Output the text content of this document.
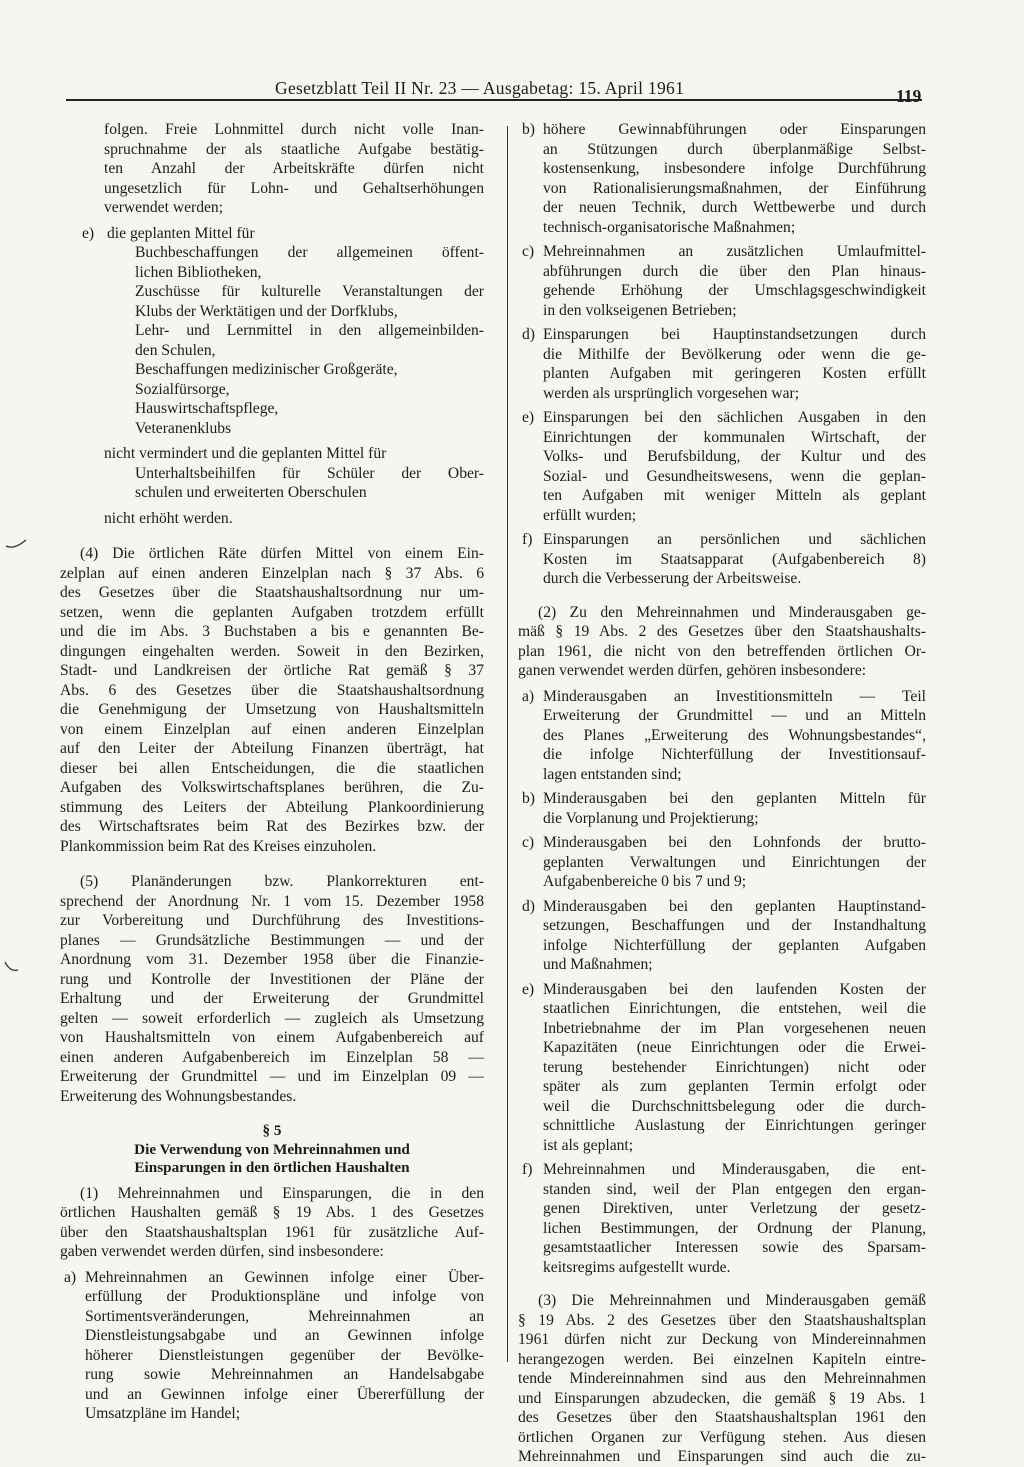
Gesetzblatt Teil II Nr. 23 — Ausgabetag: 15. April 1961	119
folgen. Freie Lohnmittel durch nicht volle Inan-
spruchnahme der als staatliche Aufgabe bestätig-
ten Anzahl der Arbeitskräfte dürfen nicht
ungesetzlich für Lohn- und Gehaltserhöhungen
verwendet werden;
e) die geplanten Mittel für
Buchbeschaffungen der allgemeinen öffent-
lichen Bibliotheken,
Zuschüsse für kulturelle Veranstaltungen der
Klubs der Werktätigen und der Dorfklubs,
Lehr- und Lernmittel in den allgemeinbilden-
den Schulen,
Beschaffungen medizinischer Großgeräte,
Sozialfürsorge,
Hauswirtschaftspflege,
Veteranenklubs
nicht vermindert und die geplanten Mittel für
Unterhaltsbeihilfen für Schüler der Ober-
schulen und erweiterten Oberschulen
nicht erhöht werden.
(4) Die örtlichen Räte dürfen Mittel von einem Ein-
zelplan auf einen anderen Einzelplan nach § 37 Abs. 6
des Gesetzes über die Staatshaushaltsordnung nur um-
setzen, wenn die geplanten Aufgaben trotzdem erfüllt
und die im Abs. 3 Buchstaben a bis e genannten Be-
dingungen eingehalten werden. Soweit in den Bezirken,
Stadt- und Landkreisen der örtliche Rat gemäß § 37
Abs. 6 des Gesetzes über die Staatshaushaltsordnung
die Genehmigung der Umsetzung von Haushaltsmitteln
von einem Einzelplan auf einen anderen Einzelplan
auf den Leiter der Abteilung Finanzen überträgt, hat
dieser bei allen Entscheidungen, die die staatlichen
Aufgaben des Volkswirtschaftsplanes berühren, die Zu-
stimmung des Leiters der Abteilung Plankoordinierung
des Wirtschaftsrates beim Rat des Bezirkes bzw. der
Plankommission beim Rat des Kreises einzuholen.
(5) Planänderungen bzw. Plankorrekturen ent-
sprechend der Anordnung Nr. 1 vom 15. Dezember 1958
zur Vorbereitung und Durchführung des Investitions-
planes — Grundsätzliche Bestimmungen — und der
Anordnung vom 31. Dezember 1958 über die Finanzie-
rung und Kontrolle der Investitionen der Pläne der
Erhaltung und der Erweiterung der Grundmittel
gelten — soweit erforderlich — zugleich als Umsetzung
von Haushaltsmitteln von einem Aufgabenbereich auf
einen anderen Aufgabenbereich im Einzelplan 58 —
Erweiterung der Grundmittel — und im Einzelplan 09 —
Erweiterung des Wohnungsbestandes.
§ 5
Die Verwendung von Mehreinnahmen und
Einsparungen in den örtlichen Haushalten
(1) Mehreinnahmen und Einsparungen, die in den
örtlichen Haushalten gemäß § 19 Abs. 1 des Gesetzes
über den Staatshaushaltsplan 1961 für zusätzliche Auf-
gaben verwendet werden dürfen, sind insbesondere:
a) Mehreinnahmen an Gewinnen infolge einer Über-
erfüllung der Produktionspläne und infolge von
Sortimentsveränderungen, Mehreinnahmen an
Dienstleistungsabgabe und an Gewinnen infolge
höherer Dienstleistungen gegenüber der Bevölke-
rung sowie Mehreinnahmen an Handelsabgabe
und an Gewinnen infolge einer Übererfüllung der
Umsatzpläne im Handel;
b) höhere Gewinnabführungen oder Einsparungen
an Stützungen durch überplanmäßige Selbst-
kostensenkung, insbesondere infolge Durchführung
von Rationalisierungsmaßnahmen, der Einführung
der neuen Technik, durch Wettbewerbe und durch
technisch-organisatorische Maßnahmen;
c) Mehreinnahmen an zusätzlichen Umlaufmittel-
abführungen durch die über den Plan hinaus-
gehende Erhöhung der Umschlagsgeschwindigkeit
in den volkseigenen Betrieben;
d) Einsparungen bei Hauptinstandsetzungen durch
die Mithilfe der Bevölkerung oder wenn die ge-
planten Aufgaben mit geringeren Kosten erfüllt
werden als ursprünglich vorgesehen war;
e) Einsparungen bei den sächlichen Ausgaben in den
Einrichtungen der kommunalen Wirtschaft, der
Volks- und Berufsbildung, der Kultur und des
Sozial- und Gesundheitswesens, wenn die geplan-
ten Aufgaben mit weniger Mitteln als geplant
erfüllt wurden;
f) Einsparungen an persönlichen und sächlichen
Kosten im Staatsapparat (Aufgabenbereich 8)
durch die Verbesserung der Arbeitsweise.
(2) Zu den Mehreinnahmen und Minderausgaben ge-
mäß § 19 Abs. 2 des Gesetzes über den Staatshaushalts-
plan 1961, die nicht von den betreffenden örtlichen Or-
ganen verwendet werden dürfen, gehören insbesondere:
a) Minderausgaben an Investitionsmitteln — Teil
Erweiterung der Grundmittel — und an Mitteln
des Planes „Erweiterung des Wohnungsbestandes“,
die infolge Nichterfüllung der Investitionsauf-
lagen entstanden sind;
b) Minderausgaben bei den geplanten Mitteln für
die Vorplanung und Projektierung;
c) Minderausgaben bei den Lohnfonds der brutto-
geplanten Verwaltungen und Einrichtungen der
Aufgabenbereiche 0 bis 7 und 9;
d) Minderausgaben bei den geplanten Hauptinstand-
setzungen, Beschaffungen und der Instandhaltung
infolge Nichterfüllung der geplanten Aufgaben
und Maßnahmen;
e) Minderausgaben bei den laufenden Kosten der
staatlichen Einrichtungen, die entstehen, weil die
Inbetriebnahme der im Plan vorgesehenen neuen
Kapazitäten (neue Einrichtungen oder die Erwei-
terung bestehender Einrichtungen) nicht oder
später als zum geplanten Termin erfolgt oder
weil die Durchschnittsbelegung oder die durch-
schnittliche Auslastung der Einrichtungen geringer
ist als geplant;
f) Mehreinnahmen und Minderausgaben, die ent-
standen sind, weil der Plan entgegen den ergan-
genen Direktiven, unter Verletzung der gesetz-
lichen Bestimmungen, der Ordnung der Planung,
gesamtstaatlicher Interessen sowie des Sparsam-
keitsregims aufgestellt wurde.
(3) Die Mehreinnahmen und Minderausgaben gemäß
§ 19 Abs. 2 des Gesetzes über den Staatshaushaltsplan
1961 dürfen nicht zur Deckung von Mindereinnahmen
herangezogen werden. Bei einzelnen Kapiteln eintre-
tende Mindereinnahmen sind aus den Mehreinnahmen
und Einsparungen abzudecken, die gemäß § 19 Abs. 1
des Gesetzes über den Staatshaushaltsplan 1961 den
örtlichen Organen zur Verfügung stehen. Aus diesen
Mehreinnahmen und Einsparungen sind auch die zu-
